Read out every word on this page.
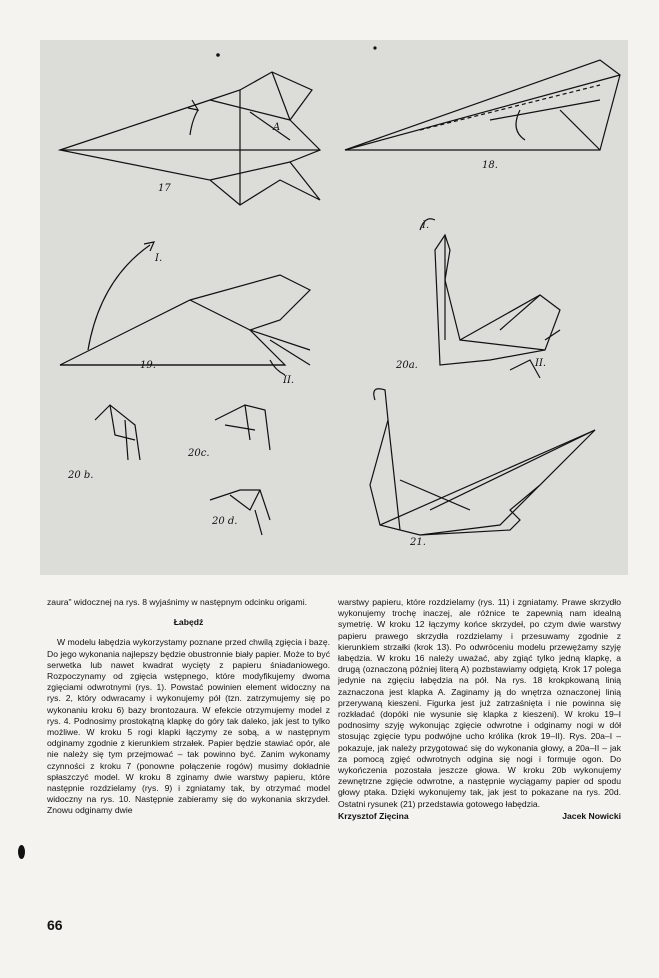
17
A
18.
19.
I.
II.
I.
II.
20a.
20 b.
20c.
20 d.
21.

zaura" widocznej na rys. 8 wyjaśnimy w następnym odcinku origami.

Łabędź

W modelu łabędzia wykorzystamy poznane przed chwilą zgięcia i bazę. Do jego wykonania najlepszy będzie obustronnie biały papier. Może to być serwetka lub nawet kwadrat wycięty z papieru śniadaniowego. Rozpoczynamy od zgięcia wstępnego, które modyfikujemy dwoma zgięciami odwrotnymi (rys. 1). Powstać powinien element widoczny na rys. 2, który odwracamy i wykonujemy pół (tzn. zatrzymujemy się po wykonaniu kroku 6) bazy brontozaura. W efekcie otrzymujemy model z rys. 4. Podnosimy prostokątną klapkę do góry tak daleko, jak jest to tylko możliwe. W kroku 5 rogi klapki łączymy ze sobą, a w następnym odginamy zgodnie z kierunkiem strzałek. Papier będzie stawiać opór, ale nie należy się tym przejmować – tak powinno być. Zanim wykonamy czynności z kroku 7 (ponowne połączenie rogów) musimy dokładnie spłaszczyć model. W kroku 8 zginamy dwie warstwy papieru, które następnie rozdzielamy (rys. 9) i zgniatamy tak, by otrzymać model widoczny na rys. 10. Następnie zabieramy się do wykonania skrzydeł. Znowu odginamy dwie

warstwy papieru, które rozdzielamy (rys. 11) i zgniatamy. Prawe skrzydło wykonujemy trochę inaczej, ale różnice te zapewnią nam idealną symetrię. W kroku 12 łączymy końce skrzydeł, po czym dwie warstwy papieru prawego skrzydła rozdzielamy i przesuwamy zgodnie z kierunkiem strzałki (krok 13). Po odwróceniu modelu przewężamy szyję łabędzia. W kroku 16 należy uważać, aby zgiąć tylko jedną klapkę, a drugą (oznaczoną później literą A) pozbstawiamy odgiętą. Krok 17 polega jedynie na zgięciu łabędzia na pół. Na rys. 18 krokpkowaną linią zaznaczona jest klapka A. Zaginamy ją do wnętrza oznaczonej linią przerywaną kieszeni. Figurka jest już zatrzaśnięta i nie powinna się rozkładać (dopóki nie wysunie się klapka z kieszeni). W kroku 19–I podnosimy szyję wykonując zgięcie odwrotne i odginamy nogi w dół stosując zgięcie typu podwójne ucho królika (krok 19–II). Rys. 20a–I – pokazuje, jak należy przygotować się do wykonania głowy, a 20a–II – jak za pomocą zgięć odwrotnych odgina się nogi i formuje ogon. Do wykończenia pozostała jeszcze głowa. W kroku 20b wykonujemy zewnętrzne zgięcie odwrotne, a następnie wyciągamy papier od spodu głowy ptaka. Dzięki wykonujemy tak, jak jest to pokazane na rys. 20d. Ostatni rysunek (21) przedstawia gotowego łabędzia.

Krzysztof Zięcina	Jacek Nowicki
66
